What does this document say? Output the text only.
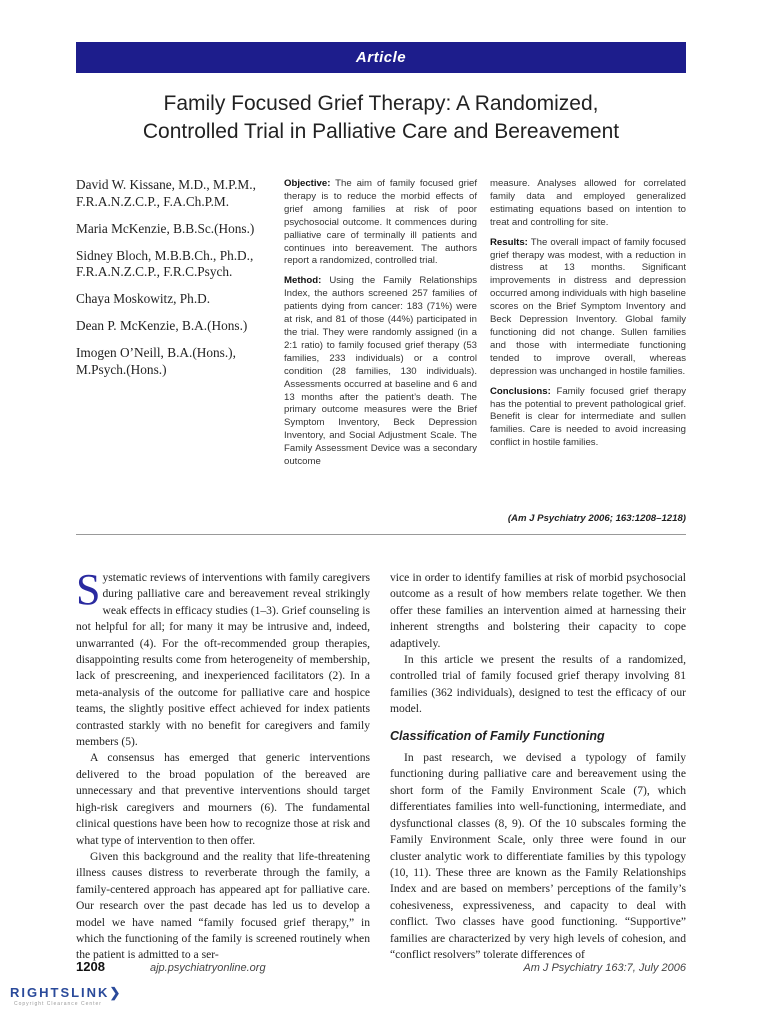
Article
Family Focused Grief Therapy: A Randomized,
Controlled Trial in Palliative Care and Bereavement

David W. Kissane, M.D., M.P.M.,
F.R.A.N.Z.C.P., F.A.Ch.P.M.

Maria McKenzie, B.B.Sc.(Hons.)

Sidney Bloch, M.B.B.Ch., Ph.D.,
F.R.A.N.Z.C.P., F.R.C.Psych.

Chaya Moskowitz, Ph.D.

Dean P. McKenzie, B.A.(Hons.)

Imogen O’Neill, B.A.(Hons.),
M.Psych.(Hons.)

Objective: The aim of family focused grief therapy is to reduce the morbid effects of grief among families at risk of poor psychosocial outcome. It commences during palliative care of terminally ill patients and continues into bereavement. The authors report a randomized, controlled trial.

Method: Using the Family Relationships Index, the authors screened 257 families of patients dying from cancer: 183 (71%) were at risk, and 81 of those (44%) participated in the trial. They were randomly assigned (in a 2:1 ratio) to family focused grief therapy (53 families, 233 individuals) or a control condition (28 families, 130 individuals). Assessments occurred at baseline and 6 and 13 months after the patient’s death. The primary outcome measures were the Brief Symptom Inventory, Beck Depression Inventory, and Social Adjustment Scale. The Family Assessment Device was a secondary outcome

measure. Analyses allowed for correlated family data and employed generalized estimating equations based on intention to treat and controlling for site.

Results: The overall impact of family focused grief therapy was modest, with a reduction in distress at 13 months. Significant improvements in distress and depression occurred among individuals with high baseline scores on the Brief Symptom Inventory and Beck Depression Inventory. Global family functioning did not change. Sullen families and those with intermediate functioning tended to improve overall, whereas depression was unchanged in hostile families.

Conclusions: Family focused grief therapy has the potential to prevent pathological grief. Benefit is clear for intermediate and sullen families. Care is needed to avoid increasing conflict in hostile families.

(Am J Psychiatry 2006; 163:1208–1218)

Systematic reviews of interventions with family caregivers during palliative care and bereavement reveal strikingly weak effects in efficacy studies (1–3). Grief counseling is not helpful for all; for many it may be intrusive and, indeed, unwarranted (4). For the oft-recommended group therapies, disappointing results come from heterogeneity of membership, lack of prescreening, and inexperienced facilitators (2). In a meta-analysis of the outcome for palliative care and hospice teams, the slightly positive effect achieved for index patients contrasted starkly with no benefit for caregivers and family members (5).

A consensus has emerged that generic interventions delivered to the broad population of the bereaved are unnecessary and that preventive interventions should target high-risk caregivers and mourners (6). The fundamental clinical questions have been how to recognize those at risk and what type of intervention to then offer.

Given this background and the reality that life-threatening illness causes distress to reverberate through the family, a family-centered approach has appeared apt for palliative care. Our research over the past decade has led us to develop a model we have named “family focused grief therapy,” in which the functioning of the family is screened routinely when the patient is admitted to a ser-

vice in order to identify families at risk of morbid psychosocial outcome as a result of how members relate together. We then offer these families an intervention aimed at harnessing their inherent strengths and bolstering their capacity to cope adaptively.

In this article we present the results of a randomized, controlled trial of family focused grief therapy involving 81 families (362 individuals), designed to test the efficacy of our model.

Classification of Family Functioning

In past research, we devised a typology of family functioning during palliative care and bereavement using the short form of the Family Environment Scale (7), which differentiates families into well-functioning, intermediate, and dysfunctional classes (8, 9). Of the 10 subscales forming the Family Environment Scale, only three were found in our cluster analytic work to differentiate families by this typology (10, 11). These three are known as the Family Relationships Index and are based on members’ perceptions of the family’s cohesiveness, expressiveness, and capacity to deal with conflict. Two classes have good functioning. “Supportive” families are characterized by very high levels of cohesion, and “conflict resolvers” tolerate differences of

1208	ajp.psychiatryonline.org	Am J Psychiatry 163:7, July 2006
RIGHTSLINK❯
Copyright Clearance Center
